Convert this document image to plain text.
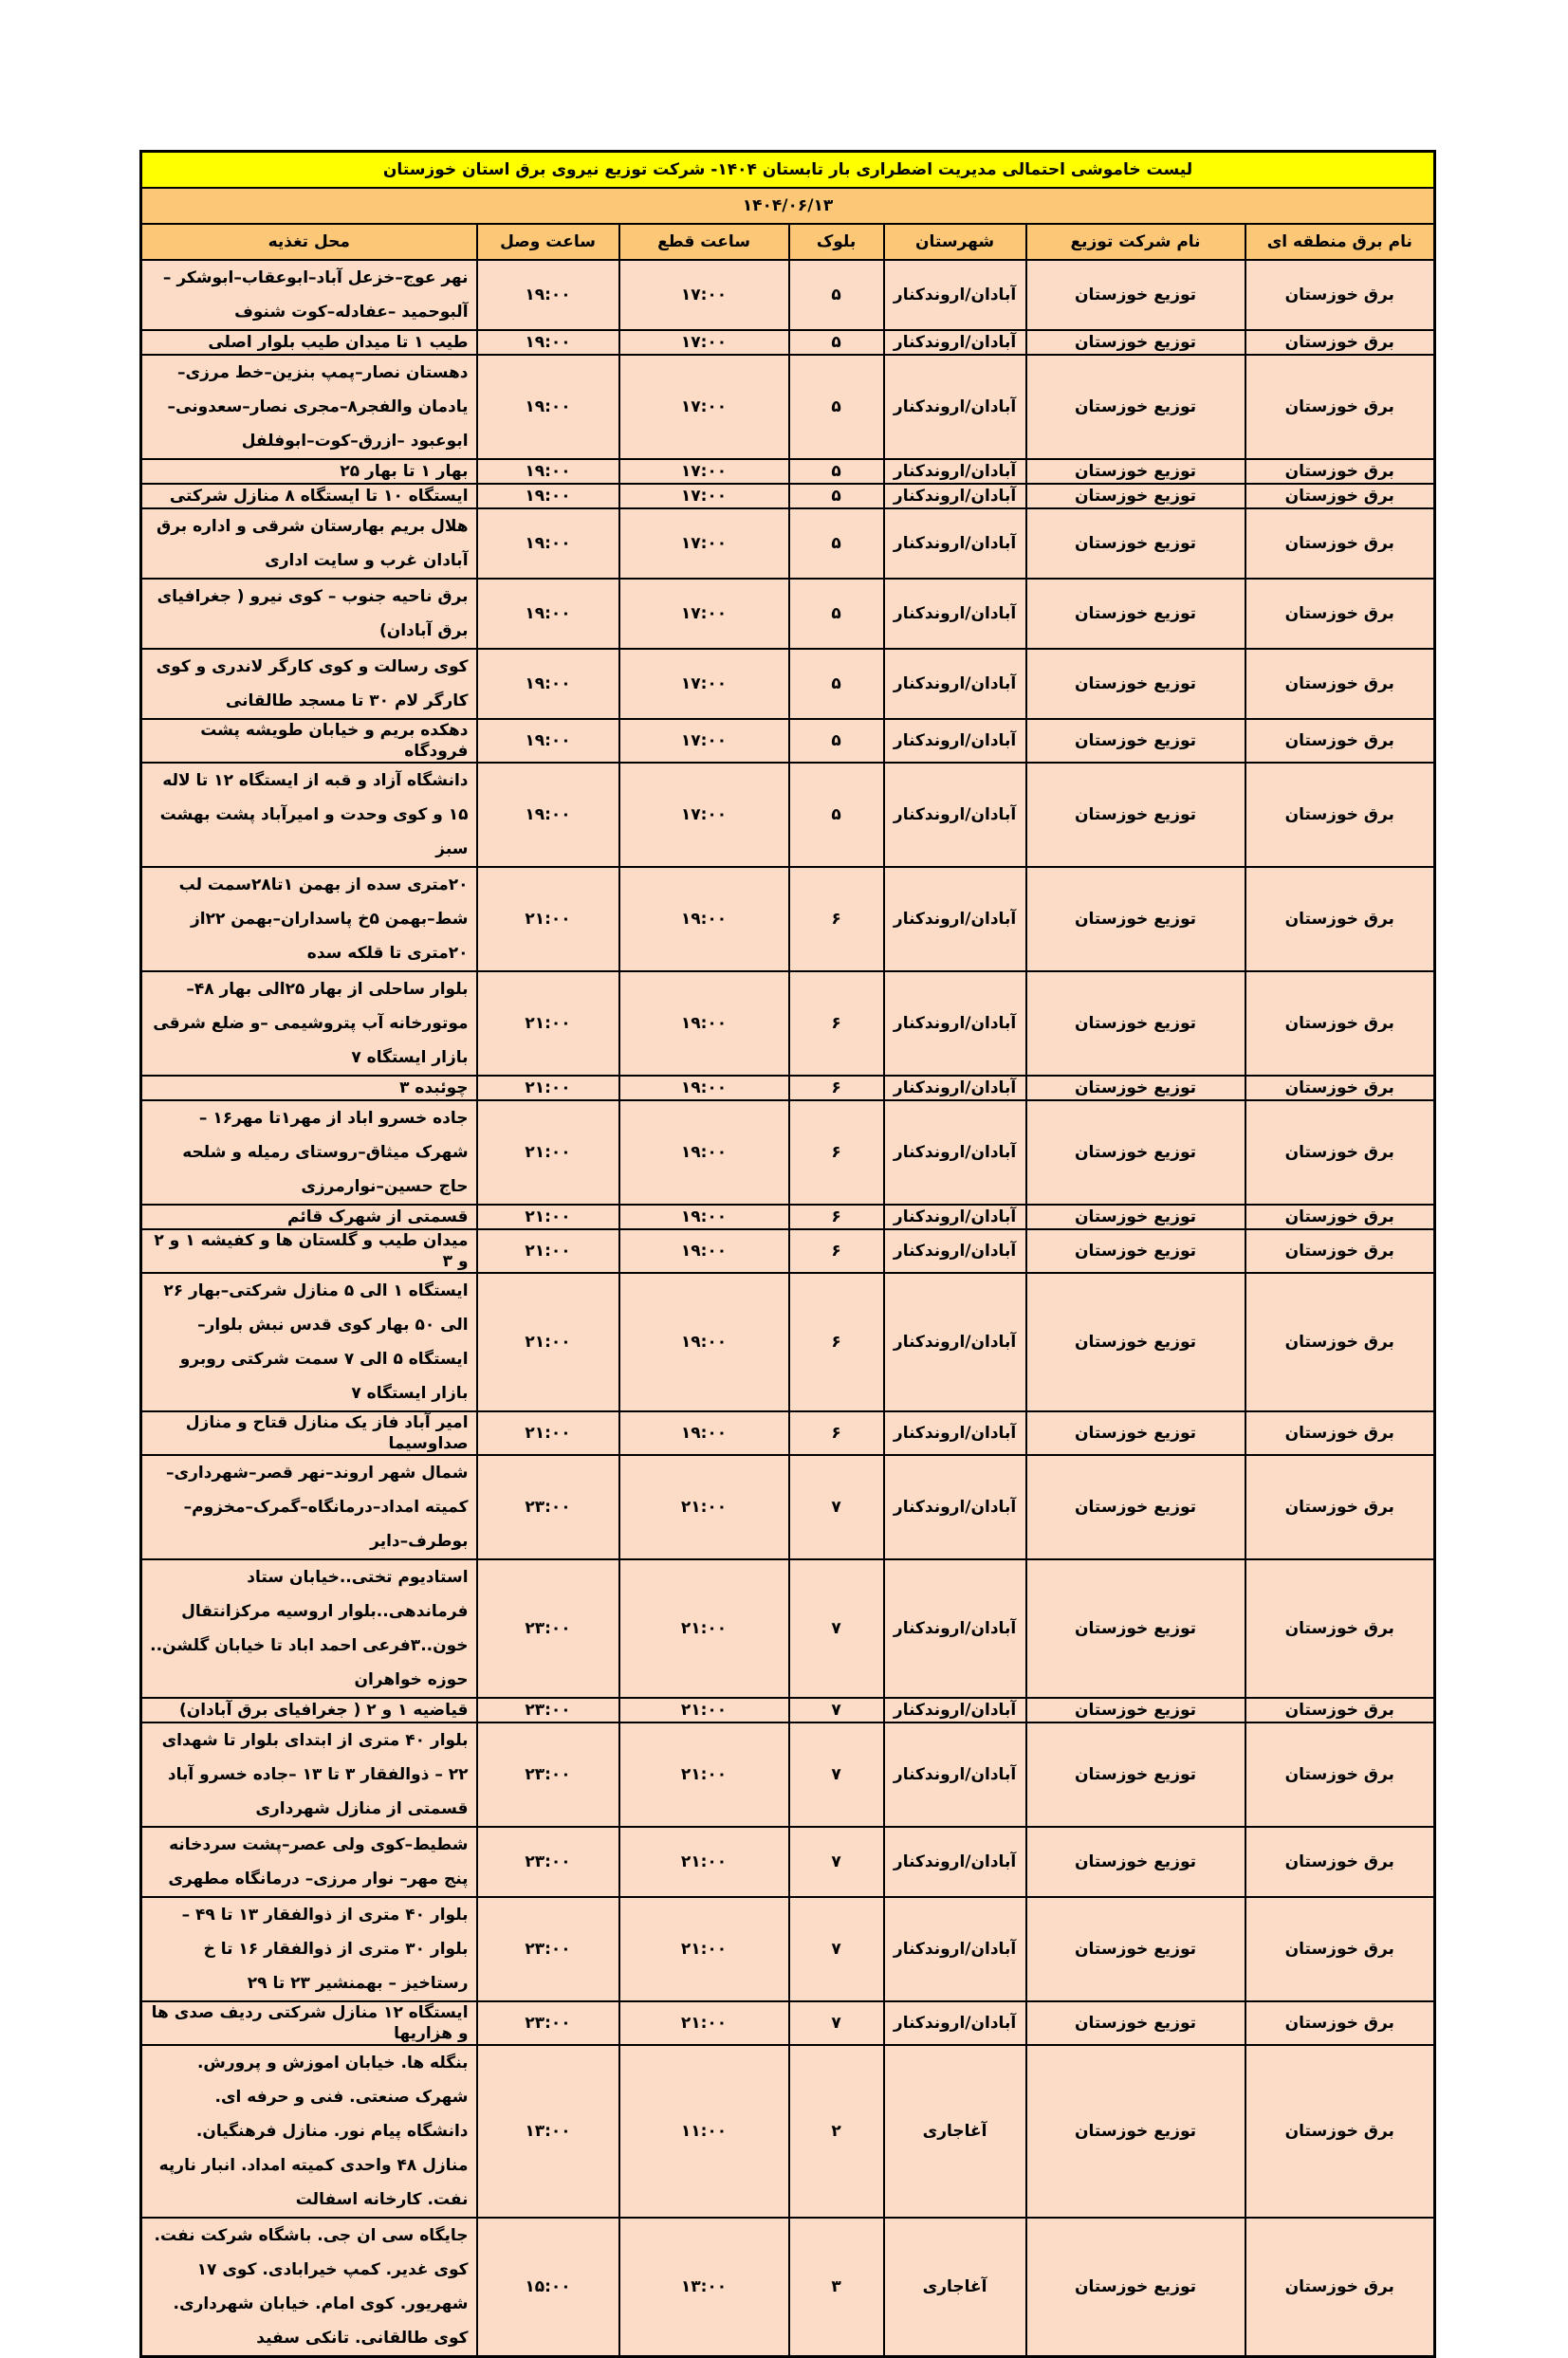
لیست خاموشی احتمالی مدیریت اضطراری بار تابستان ۱۴۰۴- شرکت توزیع نیروی برق استان خوزستان						
۱۴۰۴/۰۶/۱۳						
نام برق منطقه ای	نام شرکت توزیع	شهرستان	بلوک	ساعت قطع	ساعت وصل	محل تغذیه
برق خوزستان	توزیع خوزستان	آبادان/اروندکنار	۵	۱۷:۰۰	۱۹:۰۰	نهر عوج–خزعل آباد–ابوعقاب–ابوشکر –آلبوحمید –عفادله–کوت شنوف
برق خوزستان	توزیع خوزستان	آبادان/اروندکنار	۵	۱۷:۰۰	۱۹:۰۰	طیب ۱ تا میدان طیب بلوار اصلی
برق خوزستان	توزیع خوزستان	آبادان/اروندکنار	۵	۱۷:۰۰	۱۹:۰۰	دهستان نصار–پمپ بنزین–خط مرزی–یادمان والفجر۸–مجری نصار–سعدونی–ابوعبود –ازرق–کوت–ابوفلفل
برق خوزستان	توزیع خوزستان	آبادان/اروندکنار	۵	۱۷:۰۰	۱۹:۰۰	بهار ۱ تا بهار ۲۵
برق خوزستان	توزیع خوزستان	آبادان/اروندکنار	۵	۱۷:۰۰	۱۹:۰۰	ایستگاه ۱۰ تا ایستگاه ۸ منازل شرکتی
برق خوزستان	توزیع خوزستان	آبادان/اروندکنار	۵	۱۷:۰۰	۱۹:۰۰	هلال بریم بهارستان شرقی و اداره برق آبادان غرب و سایت اداری
برق خوزستان	توزیع خوزستان	آبادان/اروندکنار	۵	۱۷:۰۰	۱۹:۰۰	برق ناحیه جنوب – کوی نیرو ( جغرافیای برق آبادان)
برق خوزستان	توزیع خوزستان	آبادان/اروندکنار	۵	۱۷:۰۰	۱۹:۰۰	کوی رسالت و کوی کارگر لاندری و کوی کارگر لام ۳۰ تا مسجد طالقانی
برق خوزستان	توزیع خوزستان	آبادان/اروندکنار	۵	۱۷:۰۰	۱۹:۰۰	دهکده بریم و خیابان طویشه پشت فرودگاه
برق خوزستان	توزیع خوزستان	آبادان/اروندکنار	۵	۱۷:۰۰	۱۹:۰۰	دانشگاه آزاد و قبه از ایستگاه ۱۲ تا لاله ۱۵ و کوی وحدت و امیرآباد پشت بهشت سبز
برق خوزستان	توزیع خوزستان	آبادان/اروندکنار	۶	۱۹:۰۰	۲۱:۰۰	۲۰متری سده از بهمن ۱تا۲۸سمت لب شط–بهمن ۵خ پاسداران–بهمن ۲۲از ۲۰متری تا قلکه سده
برق خوزستان	توزیع خوزستان	آبادان/اروندکنار	۶	۱۹:۰۰	۲۱:۰۰	بلوار ساحلی از بهار ۲۵الی بهار ۴۸–موتورخانه آب پتروشیمی –و ضلع شرقی بازار ایستگاه ۷
برق خوزستان	توزیع خوزستان	آبادان/اروندکنار	۶	۱۹:۰۰	۲۱:۰۰	چوئبده ۳
برق خوزستان	توزیع خوزستان	آبادان/اروندکنار	۶	۱۹:۰۰	۲۱:۰۰	جاده خسرو اباد از مهر۱تا مهر۱۶ –شهرک میثاق–روستای رمیله و شلحه حاج حسین–نوارمرزی
برق خوزستان	توزیع خوزستان	آبادان/اروندکنار	۶	۱۹:۰۰	۲۱:۰۰	قسمتی از شهرک قائم
برق خوزستان	توزیع خوزستان	آبادان/اروندکنار	۶	۱۹:۰۰	۲۱:۰۰	میدان طیب و گلستان ها و کفیشه ۱ و ۲ و ۳
برق خوزستان	توزیع خوزستان	آبادان/اروندکنار	۶	۱۹:۰۰	۲۱:۰۰	ایستگاه ۱ الی ۵ منازل شرکتی–بهار ۲۶ الی ۵۰ بهار کوی قدس نبش بلوار–ایستگاه ۵ الی ۷ سمت شرکتی روبرو بازار ایستگاه ۷
برق خوزستان	توزیع خوزستان	آبادان/اروندکنار	۶	۱۹:۰۰	۲۱:۰۰	امیر آباد فاز یک منازل قتاح و منازل صداوسیما
برق خوزستان	توزیع خوزستان	آبادان/اروندکنار	۷	۲۱:۰۰	۲۳:۰۰	شمال شهر اروند–نهر قصر–شهرداری–کمیته امداد–درمانگاه–گمرک–مخزوم–بوطرف–دایر
برق خوزستان	توزیع خوزستان	آبادان/اروندکنار	۷	۲۱:۰۰	۲۳:۰۰	استادیوم تختی..خیابان ستاد فرماندهی..بلوار اروسیه مرکزانتقال خون..۳فرعی احمد اباد تا خیابان گلشن.. حوزه خواهران
برق خوزستان	توزیع خوزستان	آبادان/اروندکنار	۷	۲۱:۰۰	۲۳:۰۰	قیاضیه ۱ و ۲ ( جغرافیای برق آبادان)
برق خوزستان	توزیع خوزستان	آبادان/اروندکنار	۷	۲۱:۰۰	۲۳:۰۰	بلوار ۴۰ متری از ابتدای بلوار تا شهدای ۲۲ – ذوالفقار ۳ تا ۱۳ –جاده خسرو آباد قسمتی از منازل شهرداری
برق خوزستان	توزیع خوزستان	آبادان/اروندکنار	۷	۲۱:۰۰	۲۳:۰۰	شطیط–کوی ولی عصر–پشت سردخانه پنج مهر– نوار مرزی– درمانگاه مطهری
برق خوزستان	توزیع خوزستان	آبادان/اروندکنار	۷	۲۱:۰۰	۲۳:۰۰	بلوار ۴۰ متری از ذوالفقار ۱۳ تا ۴۹ – بلوار ۳۰ متری از ذوالفقار ۱۶ تا خ رستاخیز – بهمنشیر ۲۳ تا ۲۹
برق خوزستان	توزیع خوزستان	آبادان/اروندکنار	۷	۲۱:۰۰	۲۳:۰۰	ایستگاه ۱۲ منازل شرکتی ردیف صدی ها و هزاریها
برق خوزستان	توزیع خوزستان	آغاجاری	۲	۱۱:۰۰	۱۳:۰۰	بنگله ها. خیابان اموزش و پرورش. شهرک صنعتی. فنی و حرفه ای. دانشگاه پیام نور. منازل فرهنگیان. منازل ۴۸ واحدی کمیته امداد. انبار نارپه نفت. کارخانه اسفالت
برق خوزستان	توزیع خوزستان	آغاجاری	۳	۱۳:۰۰	۱۵:۰۰	جایگاه سی ان جی. باشگاه شرکت نفت. کوی غدیر. کمپ خیرابادی. کوی ۱۷ شهریور. کوی امام. خیابان شهرداری. کوی طالقانی. تانکی سفید
